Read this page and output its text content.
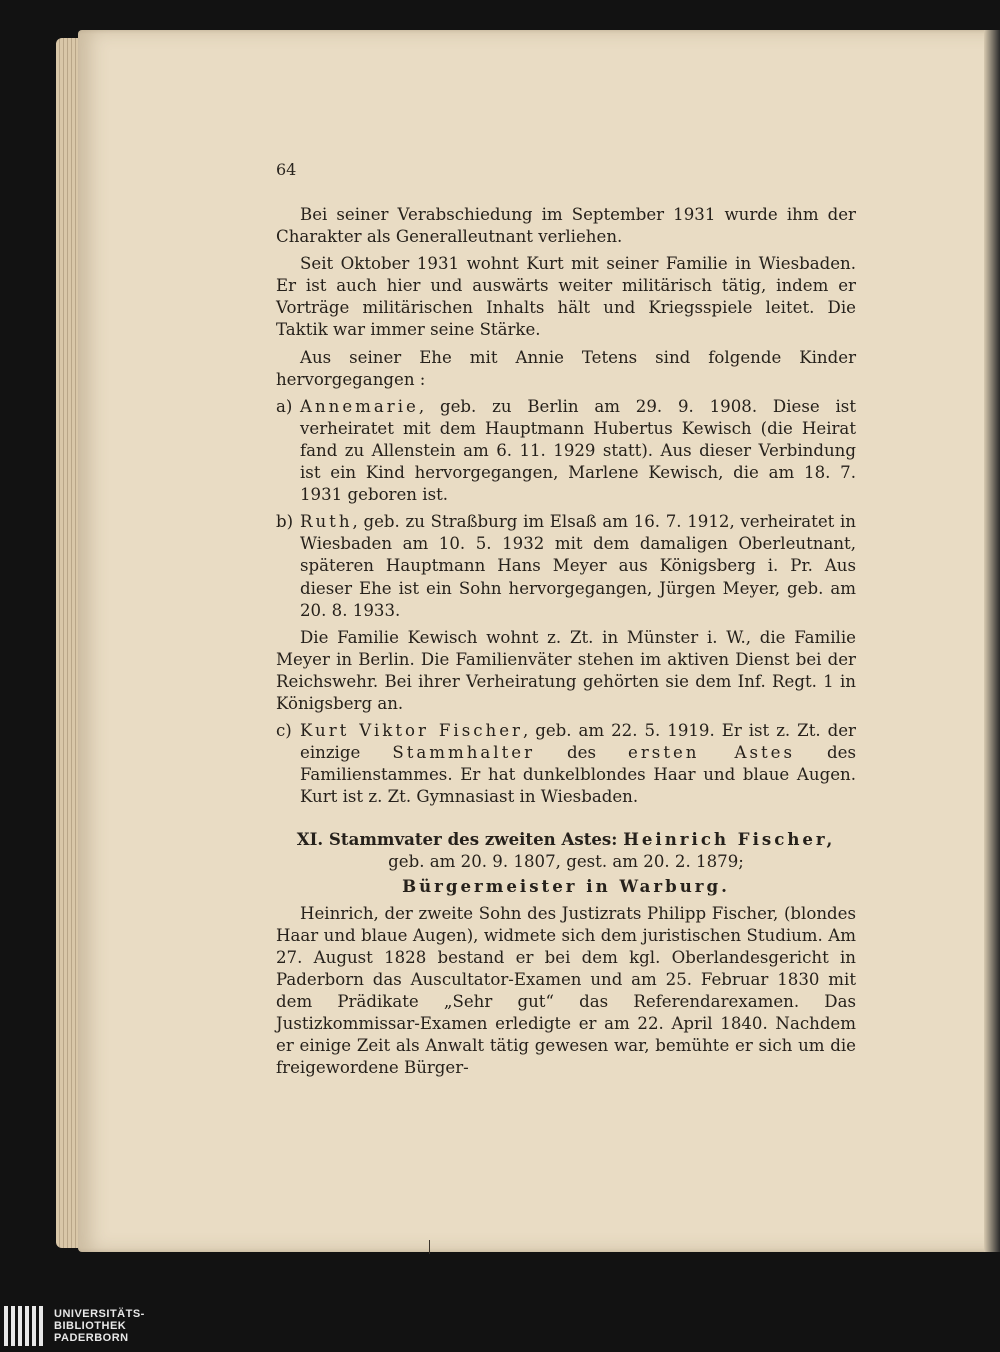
64

Bei seiner Verabschiedung im September 1931 wurde ihm der Charakter als Generalleutnant verliehen.

Seit Oktober 1931 wohnt Kurt mit seiner Familie in Wiesbaden. Er ist auch hier und auswärts weiter militärisch tätig, indem er Vorträge militärischen Inhalts hält und Kriegsspiele leitet. Die Taktik war immer seine Stärke.

Aus seiner Ehe mit Annie Tetens sind folgende Kinder hervorgegangen :

a) Annemarie, geb. zu Berlin am 29. 9. 1908. Diese ist verheiratet mit dem Hauptmann Hubertus Kewisch (die Heirat fand zu Allenstein am 6. 11. 1929 statt). Aus dieser Verbindung ist ein Kind hervorgegangen, Marlene Kewisch, die am 18. 7. 1931 geboren ist.
b) Ruth, geb. zu Straßburg im Elsaß am 16. 7. 1912, verheiratet in Wiesbaden am 10. 5. 1932 mit dem damaligen Oberleutnant, späteren Hauptmann Hans Meyer aus Königsberg i. Pr. Aus dieser Ehe ist ein Sohn hervorgegangen, Jürgen Meyer, geb. am 20. 8. 1933.

Die Familie Kewisch wohnt z. Zt. in Münster i. W., die Familie Meyer in Berlin. Die Familienväter stehen im aktiven Dienst bei der Reichswehr. Bei ihrer Verheiratung gehörten sie dem Inf. Regt. 1 in Königsberg an.

c) Kurt Viktor Fischer, geb. am 22. 5. 1919. Er ist z. Zt. der einzige Stammhalter des ersten Astes des Familienstammes. Er hat dunkelblondes Haar und blaue Augen. Kurt ist z. Zt. Gymnasiast in Wiesbaden.
XI. Stammvater des zweiten Astes: Heinrich Fischer,
geb. am 20. 9. 1807, gest. am 20. 2. 1879;
Bürgermeister in Warburg.

Heinrich, der zweite Sohn des Justizrats Philipp Fischer, (blondes Haar und blaue Augen), widmete sich dem juristischen Studium. Am 27. August 1828 bestand er bei dem kgl. Oberlandesgericht in Paderborn das Auscultator-Examen und am 25. Februar 1830 mit dem Prädikate „Sehr gut“ das Referendarexamen. Das Justizkommissar-Examen erledigte er am 22. April 1840. Nachdem er einige Zeit als Anwalt tätig gewesen war, bemühte er sich um die freigewordene Bürger-

UNIVERSITÄTS-
BIBLIOTHEK
PADERBORN
